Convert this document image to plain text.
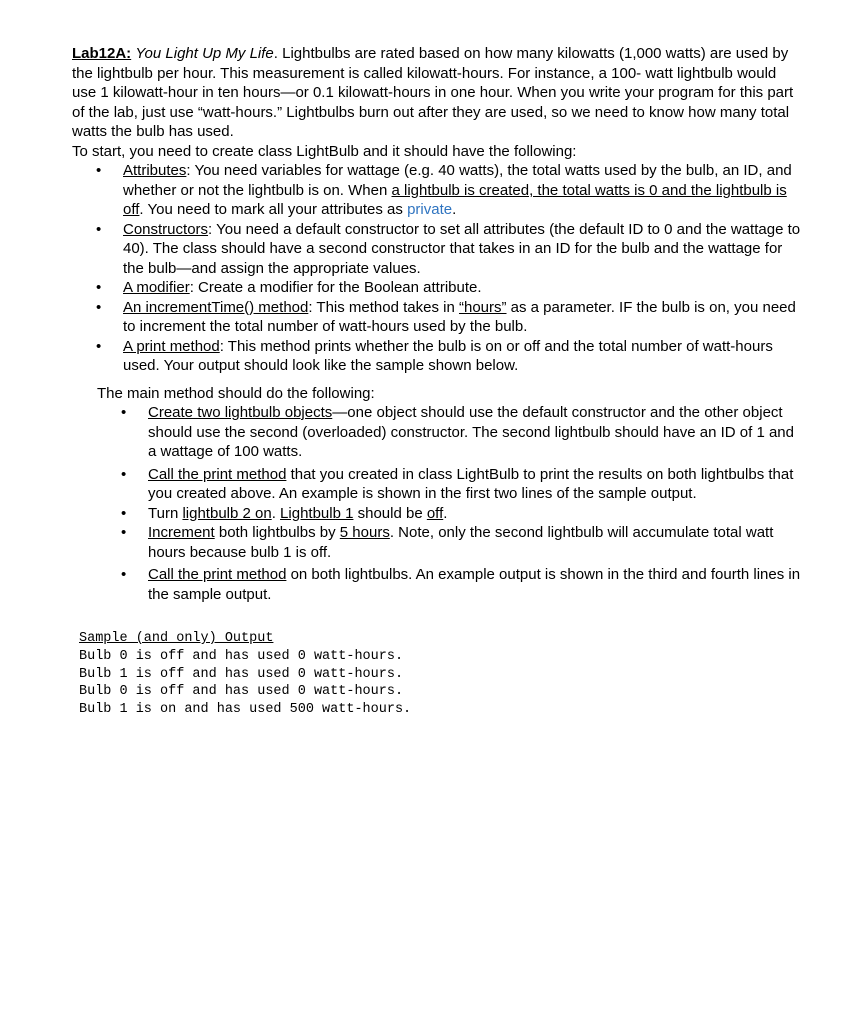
Lab12A: You Light Up My Life. Lightbulbs are rated based on how many kilowatts (1,000 watts) are used by the lightbulb per hour. This measurement is called kilowatt-hours. For instance, a 100- watt lightbulb would use 1 kilowatt-hour in ten hours—or 0.1 kilowatt-hours in one hour. When you write your program for this part of the lab, just use “watt-hours.” Lightbulbs burn out after they are used, so we need to know how many total watts the bulb has used.

To start, you need to create class LightBulb and it should have the following:

• Attributes: You need variables for wattage (e.g. 40 watts), the total watts used by the bulb, an ID, and whether or not the lightbulb is on. When a lightbulb is created, the total watts is 0 and the lightbulb is off. You need to mark all your attributes as private.
• Constructors: You need a default constructor to set all attributes (the default ID to 0 and the wattage to 40). The class should have a second constructor that takes in an ID for the bulb and the wattage for the bulb—and assign the appropriate values.
• A modifier: Create a modifier for the Boolean attribute.
• An incrementTime() method: This method takes in “hours” as a parameter. IF the bulb is on, you need to increment the total number of watt-hours used by the bulb.
• A print method: This method prints whether the bulb is on or off and the total number of watt-hours used. Your output should look like the sample shown below.

The main method should do the following:

• Create two lightbulb objects—one object should use the default constructor and the other object should use the second (overloaded) constructor. The second lightbulb should have an ID of 1 and a wattage of 100 watts.
• Call the print method that you created in class LightBulb to print the results on both lightbulbs that you created above. An example is shown in the first two lines of the sample output.
• Turn lightbulb 2 on. Lightbulb 1 should be off.
• Increment both lightbulbs by 5 hours. Note, only the second lightbulb will accumulate total watt hours because bulb 1 is off.
• Call the print method on both lightbulbs. An example output is shown in the third and fourth lines in the sample output.
Sample (and only) Output
Bulb 0 is off and has used 0 watt-hours.
Bulb 1 is off and has used 0 watt-hours.
Bulb 0 is off and has used 0 watt-hours.
Bulb 1 is on and has used 500 watt-hours.
